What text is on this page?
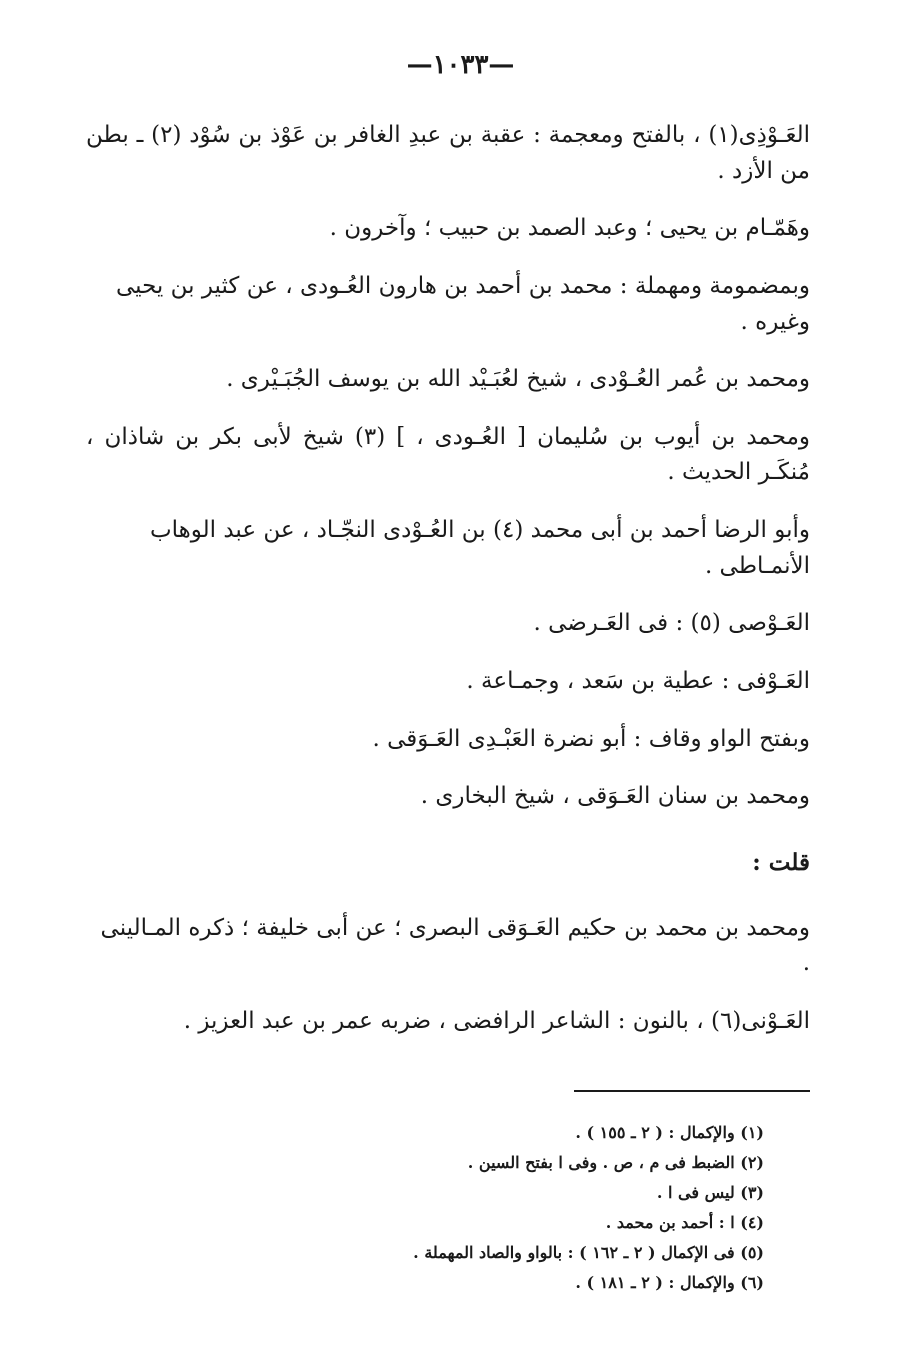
—١٠٣٣—

العَـوْذِى(١) ، بالفتح ومعجمة : عقبة بن عبدِ الغافر بن عَوْذ بن سُوْد (٢) ـ بطن من الأزد .

وهَمّـام بن يحيى ؛ وعبد الصمد بن حبيب ؛ وآخرون .

وبمضمومة ومهملة : محمد بن أحمد بن هارون العُـودى ، عن كثير بن يحيى وغيره .

ومحمد بن عُمر العُـوْدى ، شيخ لعُبَـيْد الله بن يوسف الجُبَـيْرى .

ومحمد بن أيوب بن سُليمان [ العُـودى ، ] (٣) شيخ لأبى بكر بن شاذان ، مُنكَـر الحديث .

وأبو الرضا أحمد بن أبى محمد (٤) بن العُـوْدى النجّـاد ، عن عبد الوهاب الأنمـاطى .

العَـوْصى (٥) : فى العَـرضى .

العَـوْفى : عطية بن سَعد ، وجمـاعة .

وبفتح الواو وقاف : أبو نضرة العَبْـدِى العَـوَقى .

ومحمد بن سنان العَـوَقى ، شيخ البخارى .

قلت :

ومحمد بن محمد بن حكيم العَـوَقى البصرى ؛ عن أبى خليفة ؛ ذكره المـالينى .

العَـوْنى(٦) ، بالنون : الشاعر الرافضى ، ضربه عمر بن عبد العزيز .

(١) والإكمال : ( ٢ ـ ١٥٥ ) .
(٢) الضبط فى م ، ص . وفى ا بفتح السين .
(٣) ليس فى ا .
(٤) ا : أحمد بن محمد .
(٥) فى الإكمال ( ٢ ـ ١٦٢ ) : بالواو والصاد المهملة .
(٦) والإكمال : ( ٢ ـ ١٨١ ) .
